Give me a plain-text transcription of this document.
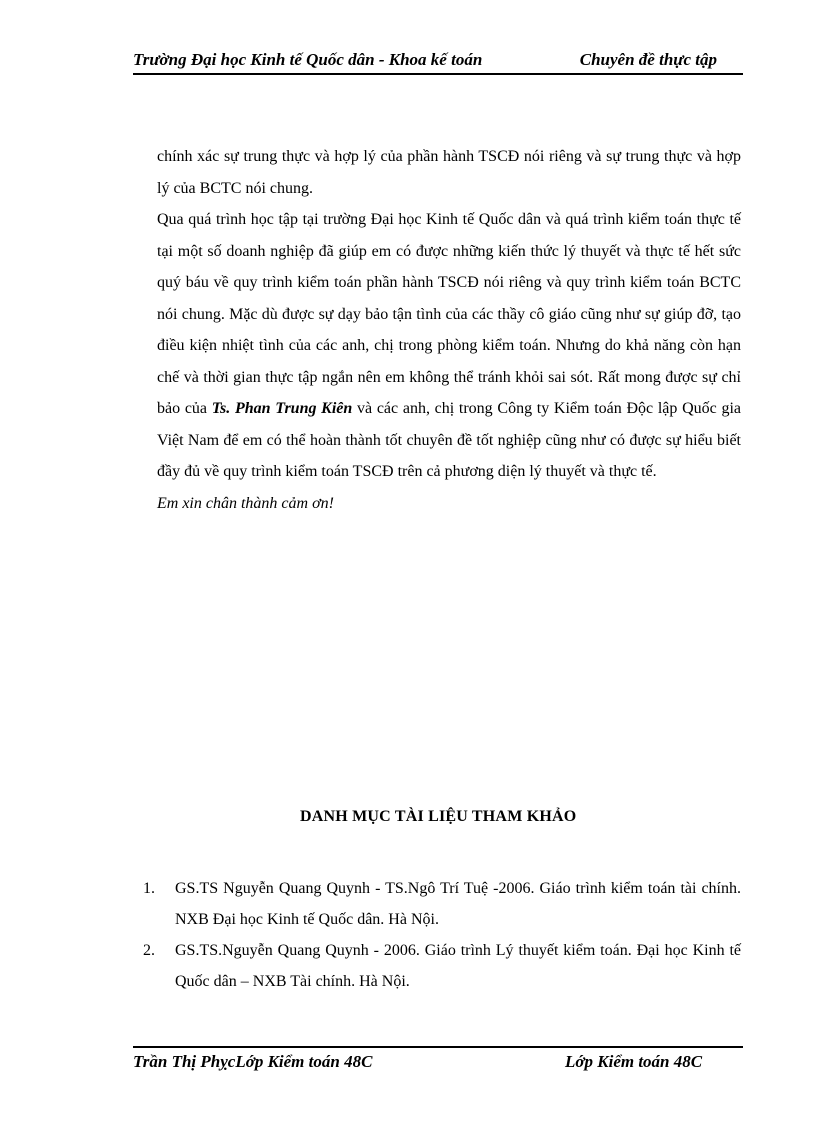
Trường Đại học Kinh tế Quốc dân - Khoa kế toán	Chuyên đề thực tập

chính xác sự trung thực và hợp lý của phần hành TSCĐ nói riêng và sự trung thực và hợp lý của BCTC nói chung.

Qua quá trình học tập tại trường Đại học Kinh tế Quốc dân và quá trình kiểm toán thực tế tại một số doanh nghiệp đã giúp em có được những kiến thức lý thuyết và thực tế hết sức quý báu về quy trình kiểm toán phần hành TSCĐ nói riêng và quy trình kiểm toán BCTC nói chung. Mặc dù được sự dạy bảo tận tình của các thầy cô giáo cũng như sự giúp đỡ, tạo điều kiện nhiệt tình của các anh, chị trong phòng kiểm toán. Nhưng do khả năng còn hạn chế và thời gian thực tập ngắn nên em không thể tránh khỏi sai sót. Rất mong được sự chỉ bảo của Ts. Phan Trung Kiên và các anh, chị trong Công ty Kiểm toán Độc lập Quốc gia Việt Nam để em có thể hoàn thành tốt chuyên đề tốt nghiệp cũng như có được sự hiểu biết đầy đủ về quy trình kiểm toán TSCĐ trên cả phương diện lý thuyết và thực tế.

Em xin chân thành cảm ơn!

DANH MỤC TÀI LIỆU THAM KHẢO
1. GS.TS Nguyễn Quang Quynh - TS.Ngô Trí Tuệ -2006. Giáo trình kiểm toán tài chính. NXB Đại học Kinh tế Quốc dân. Hà Nội.
2. GS.TS.Nguyễn Quang Quynh - 2006. Giáo trình Lý thuyết kiểm toán. Đại học Kinh tế Quốc dân – NXB Tài chính. Hà Nội.
Trần Thị PhỵcLớp Kiểm toán 48C	Lớp Kiểm toán 48C
